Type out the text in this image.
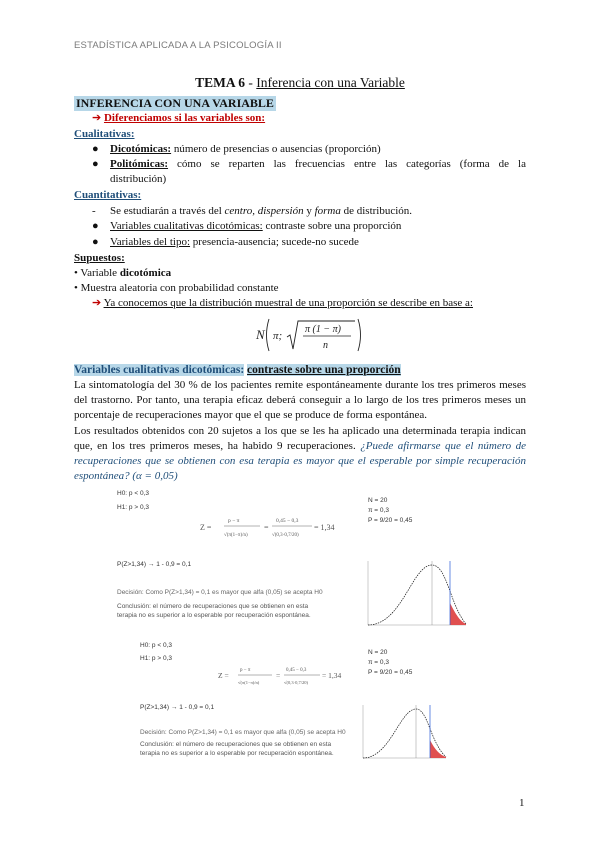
ESTADÍSTICA APLICADA A LA PSICOLOGÍA II
TEMA 6 - Inferencia con una Variable
INFERENCIA CON UNA VARIABLE
➔ Diferenciamos si las variables son:
Cualitativas:
● Dicotómicas: número de presencias o ausencias (proporción)
● Politómicas: cómo se reparten las frecuencias entre las categorías (forma de la
distribución)
Cuantitativas:
- Se estudiarán a través del centro, dispersión y forma de distribución.
● Variables cualitativas dicotómicas: contraste sobre una proporción
● Variables del tipo: presencia-ausencia; sucede-no sucede
Supuestos:
• Variable dicotómica
• Muestra aleatoria con probabilidad constante
➔ Ya conocemos que la distribución muestral de una proporción se describe en base a:
N π;
π (1 − π)
n
Variables cualitativas dicotómicas: contraste sobre una proporción
La sintomatología del 30 % de los pacientes remite espontáneamente durante los tres primeros meses del trastorno. Por tanto, una terapia eficaz deberá conseguir a lo largo de los tres primeros meses un porcentaje de recuperaciones mayor que el que se produce de forma espontánea.
Los resultados obtenidos con 20 sujetos a los que se les ha aplicado una determinada terapia indican que, en los tres primeros meses, ha habido 9 recuperaciones. ¿Puede afirmarse que el número de recuperaciones que se obtienen con esa terapia es mayor que el esperable por simple recuperación espontánea? (α = 0,05)
H0: p < 0,3
H1: p > 0,3
N = 20
π = 0,3
P = 9/20 = 0,45
Z =
p − π
√(π(1−π)/n)
=
0,45 − 0,3
√(0,3·0,7/20)
= 1,34
P(Z>1,34) → 1 - 0,9 = 0,1
Decisión: Como P(Z>1,34) = 0,1 es mayor que alfa (0,05) se acepta H0
Conclusión: el número de recuperaciones que se obtienen en esta
terapia no es superior a lo esperable por recuperación espontánea.
H0: p < 0,3
H1: p > 0,3
N = 20
π = 0,3
P = 9/20 = 0,45
Z =
p − π
√(π(1−π)/n)
=
0,45 − 0,3
√(0,3·0,7/20)
= 1,34
P(Z>1,34) → 1 - 0,9 = 0,1
Decisión: Como P(Z>1,34) = 0,1 es mayor que alfa (0,05) se acepta H0
Conclusión: el número de recuperaciones que se obtienen en esta
terapia no es superior a lo esperable por recuperación espontánea.
1
